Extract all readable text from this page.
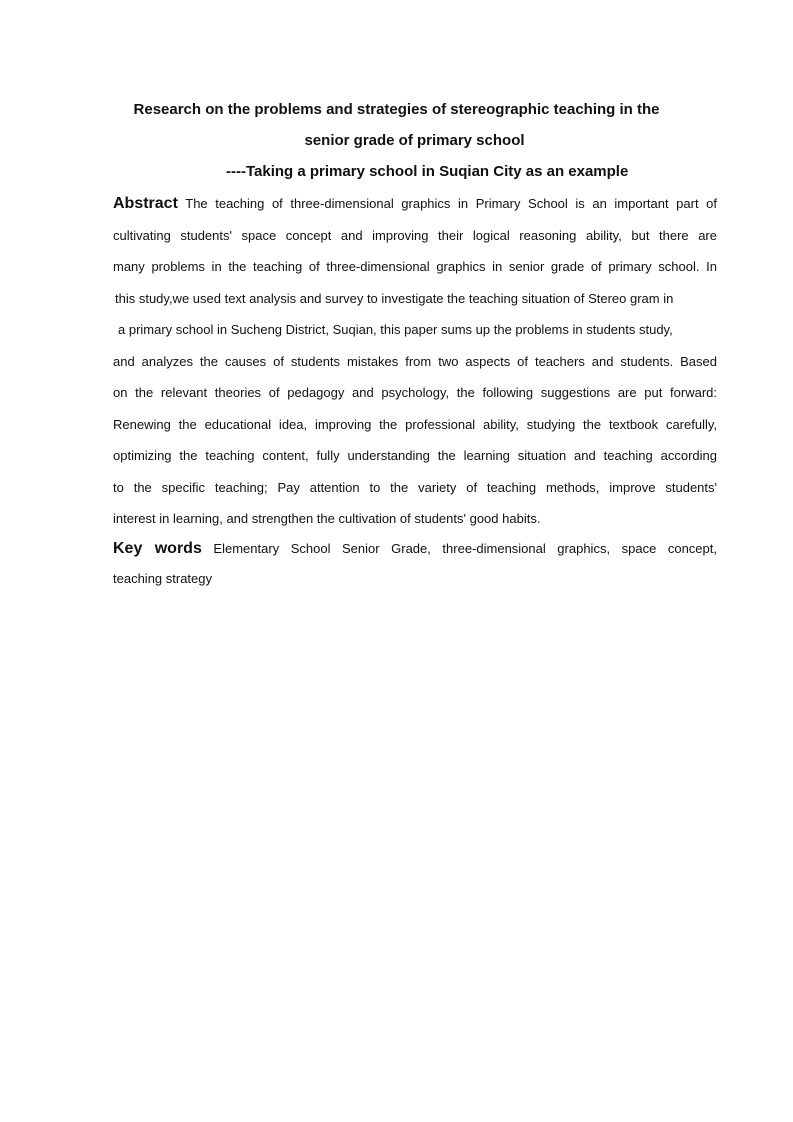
Research on the problems and strategies of stereographic teaching in the
senior grade of primary school
----Taking a primary school in Suqian City as an example
Abstract The teaching of three-dimensional graphics in Primary School is an important part of
cultivating students' space concept and improving their logical reasoning ability, but there are
many problems in the teaching of three-dimensional graphics in senior grade of primary school. In
this study,we used text analysis and survey to investigate the teaching situation of Stereo gram in
a primary school in Sucheng District, Suqian, this paper sums up the problems in students study,
and analyzes the causes of students mistakes from two aspects of teachers and students. Based
on the relevant theories of pedagogy and psychology, the following suggestions are put forward:
Renewing the educational idea, improving the professional ability, studying the textbook carefully,
optimizing the teaching content, fully understanding the learning situation and teaching according
to the specific teaching; Pay attention to the variety of teaching methods, improve students'
interest in learning, and strengthen the cultivation of students' good habits.
Key words Elementary School Senior Grade, three-dimensional graphics, space concept,
teaching strategy
